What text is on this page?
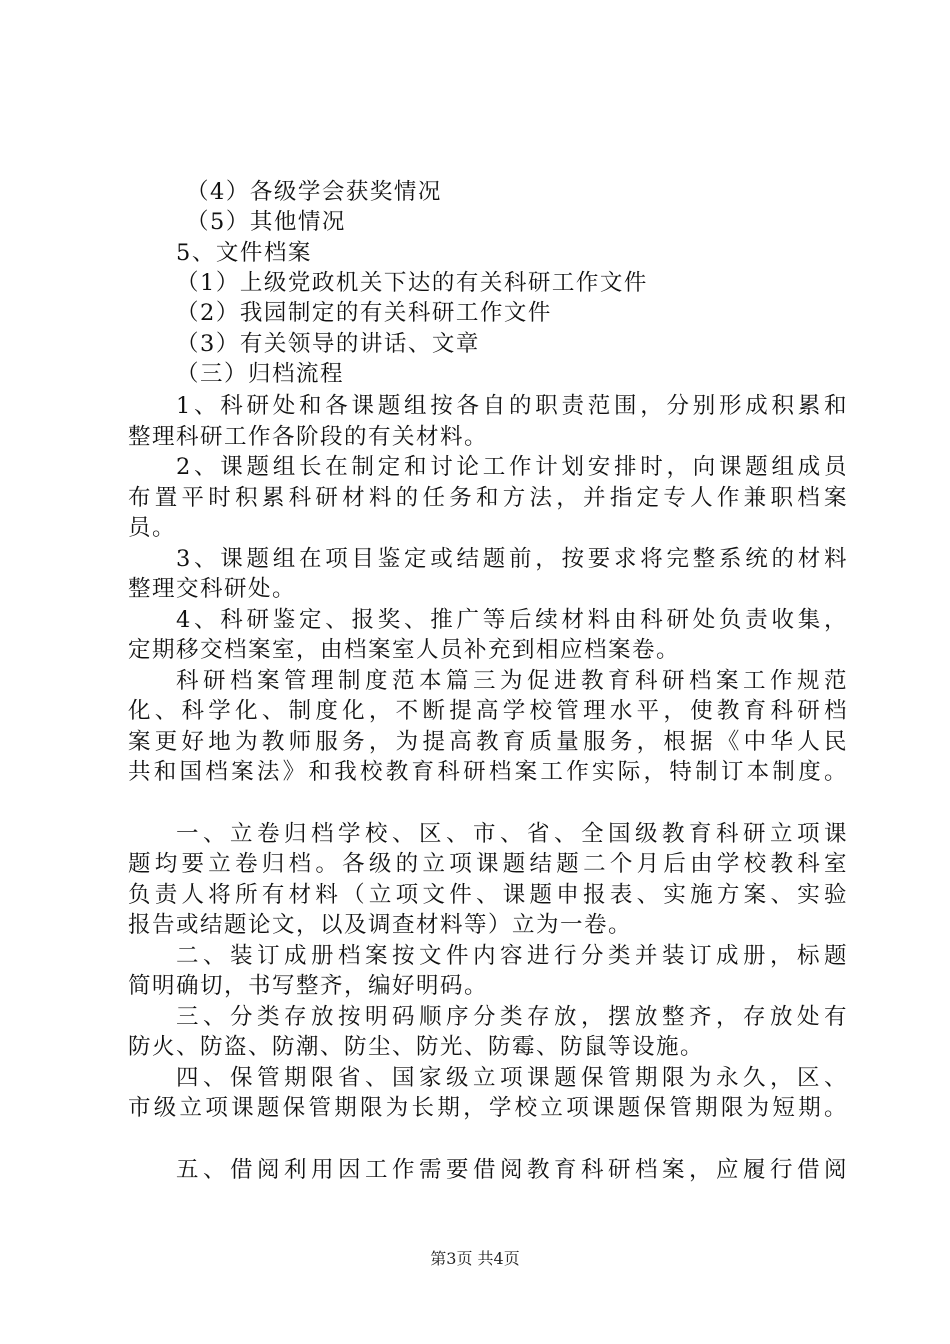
（4）各级学会获奖情况
（5）其他情况
5、文件档案
（1）上级党政机关下达的有关科研工作文件
（2）我园制定的有关科研工作文件
（3）有关领导的讲话、文章
（三）归档流程
1、科研处和各课题组按各自的职责范围，分别形成积累和
整理科研工作各阶段的有关材料。
2、课题组长在制定和讨论工作计划安排时，向课题组成员
布置平时积累科研材料的任务和方法，并指定专人作兼职档案
员。
3、课题组在项目鉴定或结题前，按要求将完整系统的材料
整理交科研处。
4、科研鉴定、报奖、推广等后续材料由科研处负责收集，
定期移交档案室，由档案室人员补充到相应档案卷。
科研档案管理制度范本篇三为促进教育科研档案工作规范
化、科学化、制度化，不断提高学校管理水平，使教育科研档
案更好地为教师服务，为提高教育质量服务，根据《中华人民
共和国档案法》和我校教育科研档案工作实际，特制订本制度。
一、立卷归档学校、区、市、省、全国级教育科研立项课
题均要立卷归档。各级的立项课题结题二个月后由学校教科室
负责人将所有材料（立项文件、课题申报表、实施方案、实验
报告或结题论文，以及调查材料等）立为一卷。
二、装订成册档案按文件内容进行分类并装订成册，标题
简明确切，书写整齐，编好明码。
三、分类存放按明码顺序分类存放，摆放整齐，存放处有
防火、防盗、防潮、防尘、防光、防霉、防鼠等设施。
四、保管期限省、国家级立项课题保管期限为永久，区、
市级立项课题保管期限为长期，学校立项课题保管期限为短期。
五、借阅利用因工作需要借阅教育科研档案，应履行借阅
第3页 共4页
